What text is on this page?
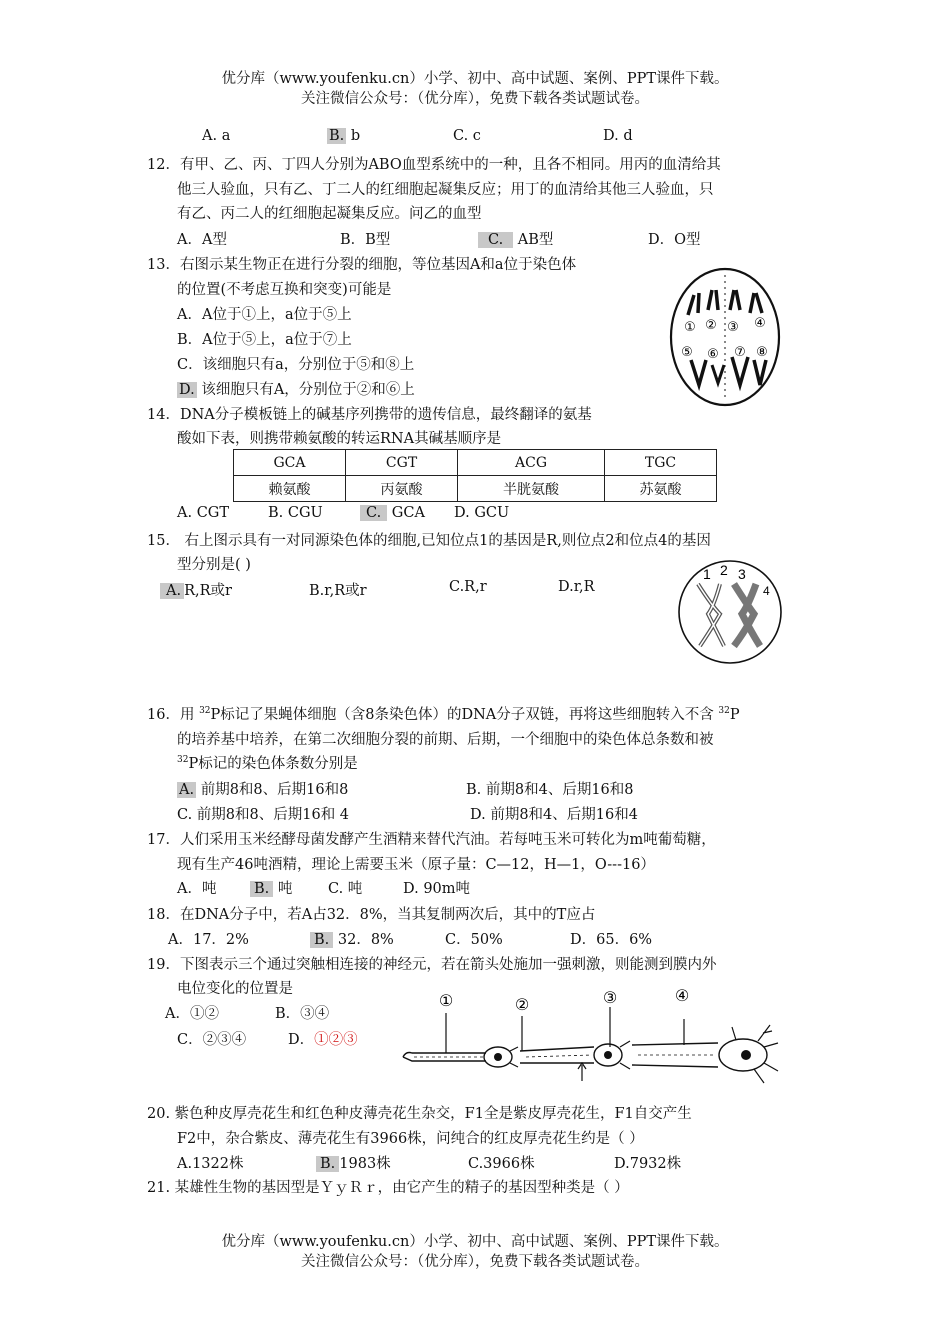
优分库（www.youfenku.cn）小学、初中、高中试题、案例、PPT课件下载。
关注微信公众号：（优分库），免费下载各类试题试卷。
A. a	B. b	C. c	D. d
12．有甲、乙、丙、丁四人分别为ABO血型系统中的一种，且各不相同。用丙的血清给其
他三人验血，只有乙、丁二人的红细胞起凝集反应；用丁的血清给其他三人验血，只
有乙、丙二人的红细胞起凝集反应。问乙的血型
A．A型	B．B型	C. AB型	D．O型
13．右图示某生物正在进行分裂的细胞，等位基因A和a位于染色体
的位置(不考虑互换和突变)可能是
A．A位于①上，a位于⑤上
B．A位于⑤上，a位于⑦上
C．该细胞只有a，分别位于⑤和⑧上
D. 该细胞只有A，分别位于②和⑥上
① ② ③ ④
⑤ ⑥ ⑦ ⑧
14．DNA分子模板链上的碱基序列携带的遗传信息，最终翻译的氨基
酸如下表，则携带赖氨酸的转运RNA其碱基顺序是
GCA	CGT	ACG	TGC
赖氨酸	丙氨酸	半胱氨酸	苏氨酸
A. CGT	B. CGU	C. GCA D. GCU
15． 右上图示具有一对同源染色体的细胞,已知位点1的基因是R,则位点2和位点4的基因
型分别是( )
A. R,R或r	B.r,R或r	C.R,r	D.r,R
1 2 3
4
16．用 $^{32}$P标记了果蝇体细胞（含8条染色体）的DNA分子双链，再将这些细胞转入不含 $^{32}$P
的培养基中培养，在第二次细胞分裂的前期、后期，一个细胞中的染色体总条数和被
$^{32}$P标记的染色体条数分别是
A. 前期8和8、后期16和8	B. 前期8和4、后期16和8
C. 前期8和8、后期16和 4	D. 前期8和4、后期16和4
17．人们采用玉米经酵母菌发酵产生酒精来替代汽油。若每吨玉米可转化为m吨葡萄糖，
现有生产46吨酒精，理论上需要玉米（原子量：C—12，H—1，O---16）
A．吨	B. 吨 C. 吨	D. 90m吨
18．在DNA分子中，若A占32．8%，当其复制两次后，其中的T应占
A．17．2%	B. 32．8%	C．50%	D．65．6%
19．下图表示三个通过突触相连接的神经元，若在箭头处施加一强刺激，则能测到膜内外
电位变化的位置是
A．①②	B．③④
C．②③④	D．①②③
①	②	③	④
20. 紫色种皮厚壳花生和红色种皮薄壳花生杂交，F1全是紫皮厚壳花生，F1自交产生
F2中，杂合紫皮、薄壳花生有3966株，问纯合的红皮厚壳花生约是（ ）
A.1322株	B. 1983株	C.3966株	D.7932株
21. 某雄性生物的基因型是ＹｙＲｒ，由它产生的精子的基因型种类是（ ）
优分库（www.youfenku.cn）小学、初中、高中试题、案例、PPT课件下载。
关注微信公众号：（优分库），免费下载各类试题试卷。
